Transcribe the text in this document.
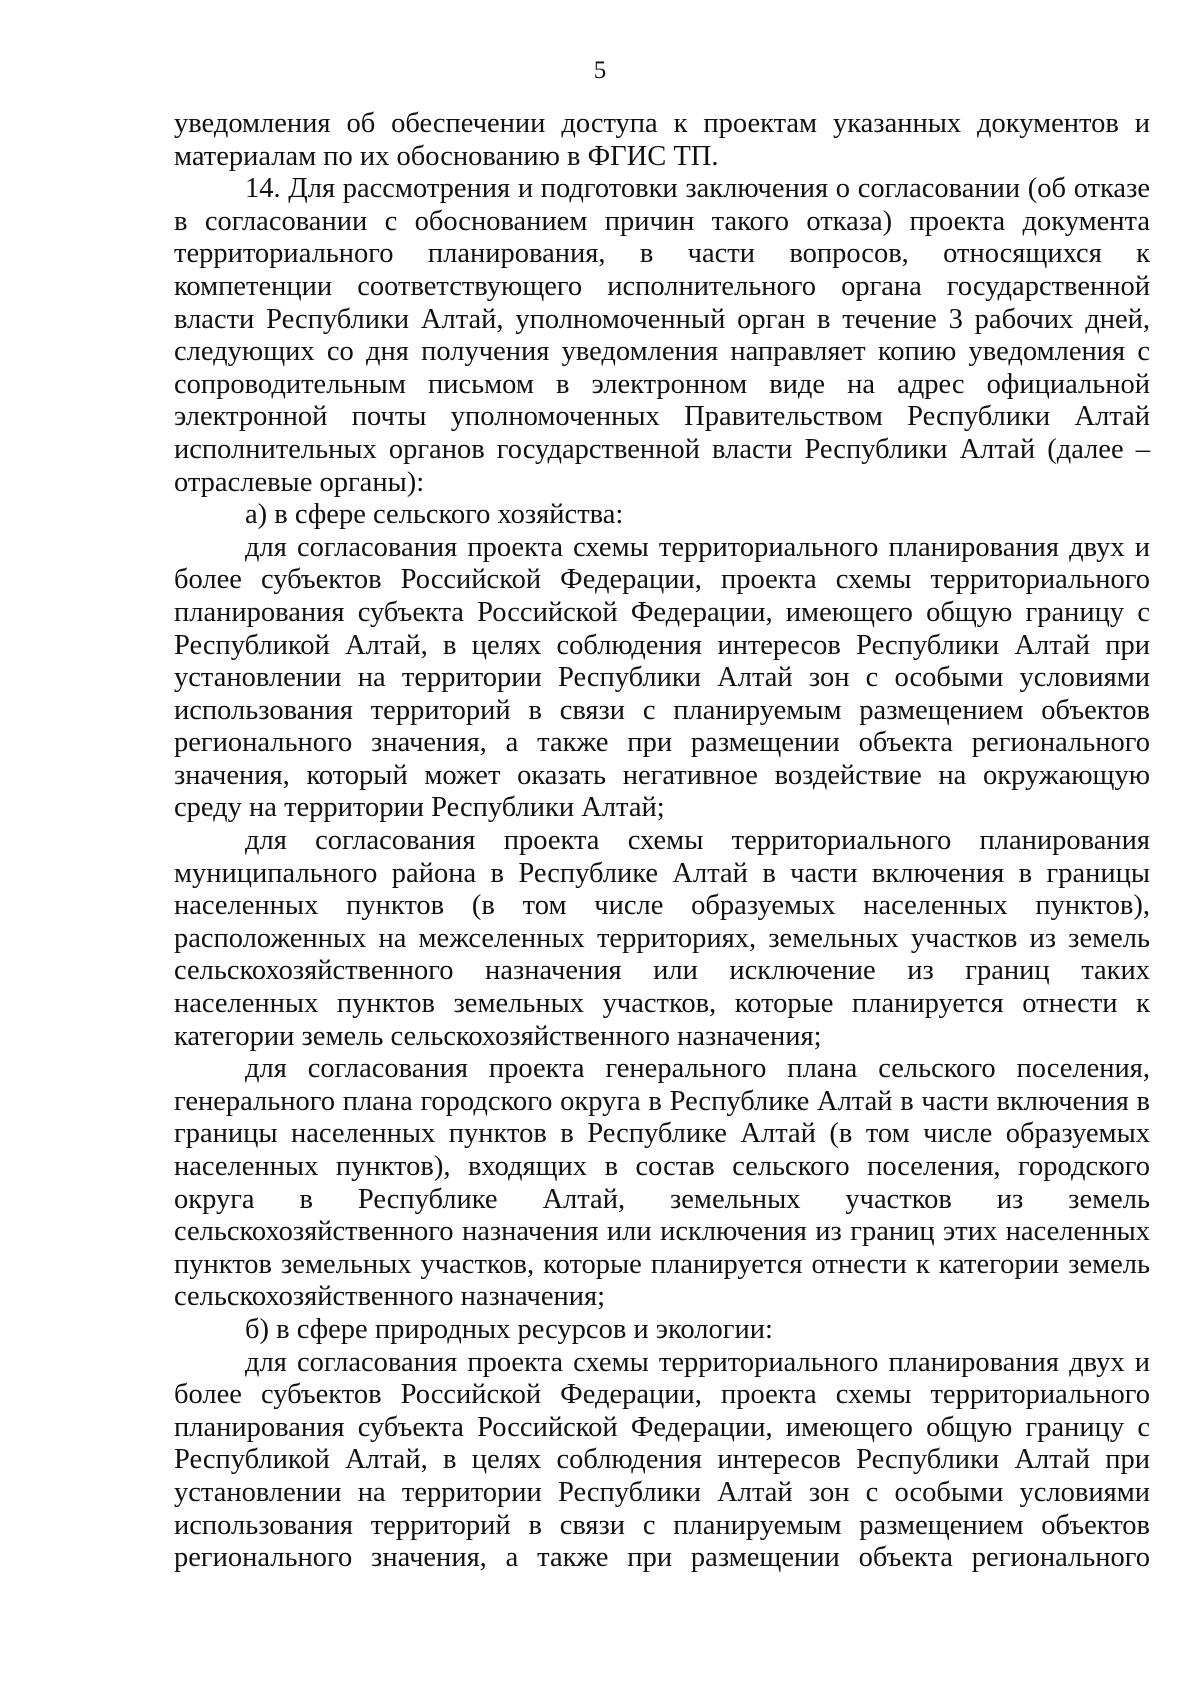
5

уведомления об обеспечении доступа к проектам указанных документов и материалам по их обоснованию в ФГИС ТП.

14. Для рассмотрения и подготовки заключения о согласовании (об отказе в согласовании с обоснованием причин такого отказа) проекта документа территориального планирования, в части вопросов, относящихся к компетенции соответствующего исполнительного органа государственной власти Республики Алтай, уполномоченный орган в течение 3 рабочих дней, следующих со дня получения уведомления направляет копию уведомления с сопроводительным письмом в электронном виде на адрес официальной электронной почты уполномоченных Правительством Республики Алтай исполнительных органов государственной власти Республики Алтай (далее – отраслевые органы):

а) в сфере сельского хозяйства:

для согласования проекта схемы территориального планирования двух и более субъектов Российской Федерации, проекта схемы территориального планирования субъекта Российской Федерации, имеющего общую границу с Республикой Алтай, в целях соблюдения интересов Республики Алтай при установлении на территории Республики Алтай зон с особыми условиями использования территорий в связи с планируемым размещением объектов регионального значения, а также при размещении объекта регионального значения, который может оказать негативное воздействие на окружающую среду на территории Республики Алтай;

для согласования проекта схемы территориального планирования муниципального района в Республике Алтай в части включения в границы населенных пунктов (в том числе образуемых населенных пунктов), расположенных на межселенных территориях, земельных участков из земель сельскохозяйственного назначения или исключение из границ таких населенных пунктов земельных участков, которые планируется отнести к категории земель сельскохозяйственного назначения;

для согласования проекта генерального плана сельского поселения, генерального плана городского округа в Республике Алтай в части включения в границы населенных пунктов в Республике Алтай (в том числе образуемых населенных пунктов), входящих в состав сельского поселения, городского округа в Республике Алтай, земельных участков из земель сельскохозяйственного назначения или исключения из границ этих населенных пунктов земельных участков, которые планируется отнести к категории земель сельскохозяйственного назначения;

б) в сфере природных ресурсов и экологии:

для согласования проекта схемы территориального планирования двух и более субъектов Российской Федерации, проекта схемы территориального планирования субъекта Российской Федерации, имеющего общую границу с Республикой Алтай, в целях соблюдения интересов Республики Алтай при установлении на территории Республики Алтай зон с особыми условиями использования территорий в связи с планируемым размещением объектов регионального значения, а также при размещении объекта регионального
